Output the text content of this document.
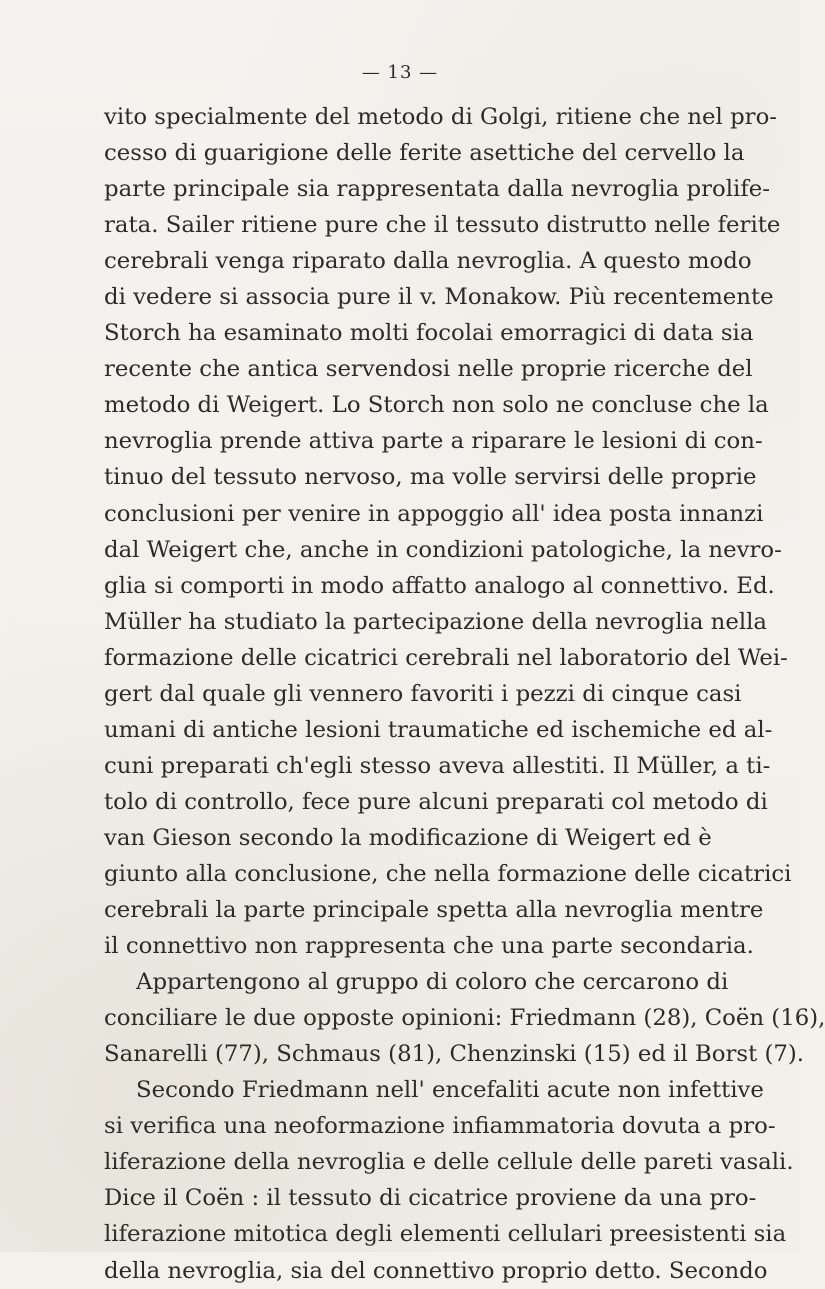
— 13 —
vito specialmente del metodo di Golgi, ritiene che nel pro-
cesso di guarigione delle ferite asettiche del cervello la
parte principale sia rappresentata dalla nevroglia prolife-
rata. Sailer ritiene pure che il tessuto distrutto nelle ferite
cerebrali venga riparato dalla nevroglia. A questo modo
di vedere si associa pure il v. Monakow. Più recentemente
Storch ha esaminato molti focolai emorragici di data sia
recente che antica servendosi nelle proprie ricerche del
metodo di Weigert. Lo Storch non solo ne concluse che la
nevroglia prende attiva parte a riparare le lesioni di con-
tinuo del tessuto nervoso, ma volle servirsi delle proprie
conclusioni per venire in appoggio all' idea posta innanzi
dal Weigert che, anche in condizioni patologiche, la nevro-
glia si comporti in modo affatto analogo al connettivo. Ed.
Müller ha studiato la partecipazione della nevroglia nella
formazione delle cicatrici cerebrali nel laboratorio del Wei-
gert dal quale gli vennero favoriti i pezzi di cinque casi
umani di antiche lesioni traumatiche ed ischemiche ed al-
cuni preparati ch'egli stesso aveva allestiti. Il Müller, a ti-
tolo di controllo, fece pure alcuni preparati col metodo di
van Gieson secondo la modificazione di Weigert ed è
giunto alla conclusione, che nella formazione delle cicatrici
cerebrali la parte principale spetta alla nevroglia mentre
il connettivo non rappresenta che una parte secondaria.
Appartengono al gruppo di coloro che cercarono di
conciliare le due opposte opinioni: Friedmann (28), Coën (16),
Sanarelli (77), Schmaus (81), Chenzinski (15) ed il Borst (7).
Secondo Friedmann nell' encefaliti acute non infettive
si verifica una neoformazione infiammatoria dovuta a pro-
liferazione della nevroglia e delle cellule delle pareti vasali.
Dice il Coën : il tessuto di cicatrice proviene da una pro-
liferazione mitotica degli elementi cellulari preesistenti sia
della nevroglia, sia del connettivo proprio detto. Secondo
